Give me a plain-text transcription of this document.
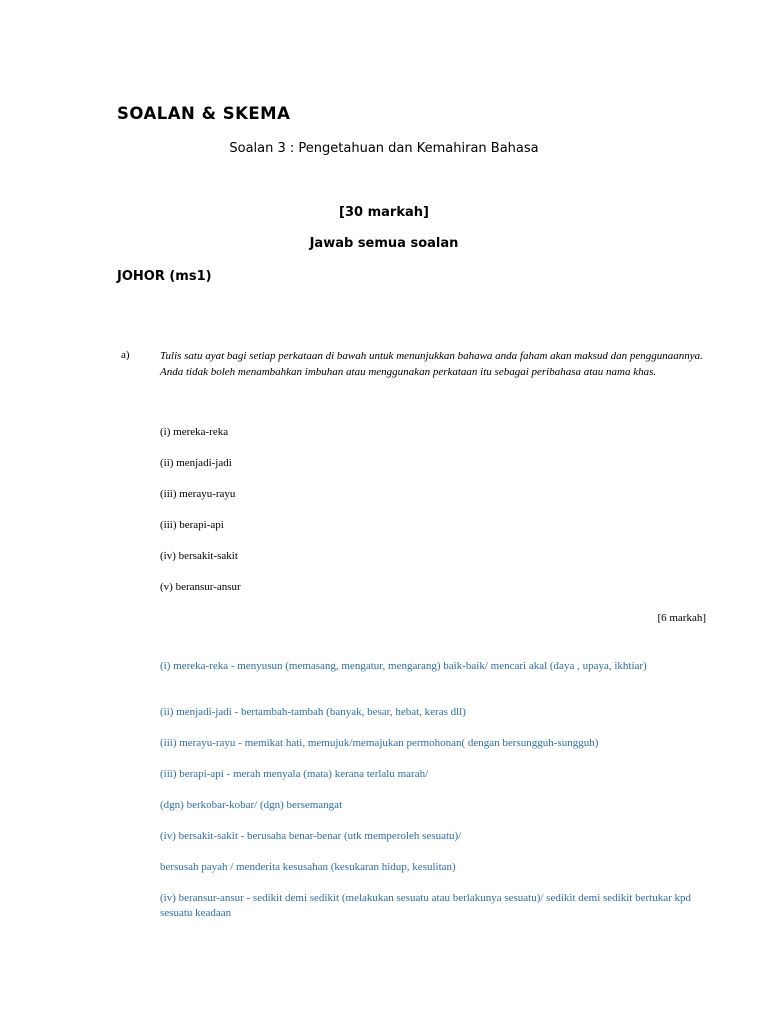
SOALAN & SKEMA
Soalan 3 : Pengetahuan dan Kemahiran Bahasa
[30 markah]
Jawab semua soalan
JOHOR (ms1)
a)	Tulis satu ayat bagi setiap perkataan di bawah untuk menunjukkan bahawa anda faham akan maksud dan penggunaannya. Anda tidak boleh menambahkan imbuhan atau menggunakan perkataan itu sebagai peribahasa atau nama khas.
(i) mereka-reka
(ii) menjadi-jadi
(iii) merayu-rayu
(iii) berapi-api
(iv) bersakit-sakit
(v) beransur-ansur
[6 markah]
(i) mereka-reka - menyusun (memasang, mengatur, mengarang) baik-baik/ mencari akal (daya , upaya, ikhtiar)
(ii) menjadi-jadi - bertambah-tambah (banyak, besar, hebat, keras dll)
(iii) merayu-rayu - memikat hati, memujuk/memajukan permohonan( dengan bersungguh-sungguh)
(iii) berapi-api - merah menyala (mata) kerana terlalu marah/
(dgn) berkobar-kobar/ (dgn) bersemangat
(iv) bersakit-sakit - berusaha benar-benar (utk memperoleh sesuatu)/
bersusah payah / menderita kesusahan (kesukaran hidup, kesulitan)
(iv) beransur-ansur - sedikit demi sedikit (melakukan sesuatu atau berlakunya sesuatu)/ sedikit demi sedikit bertukar kpd sesuatu keadaan
